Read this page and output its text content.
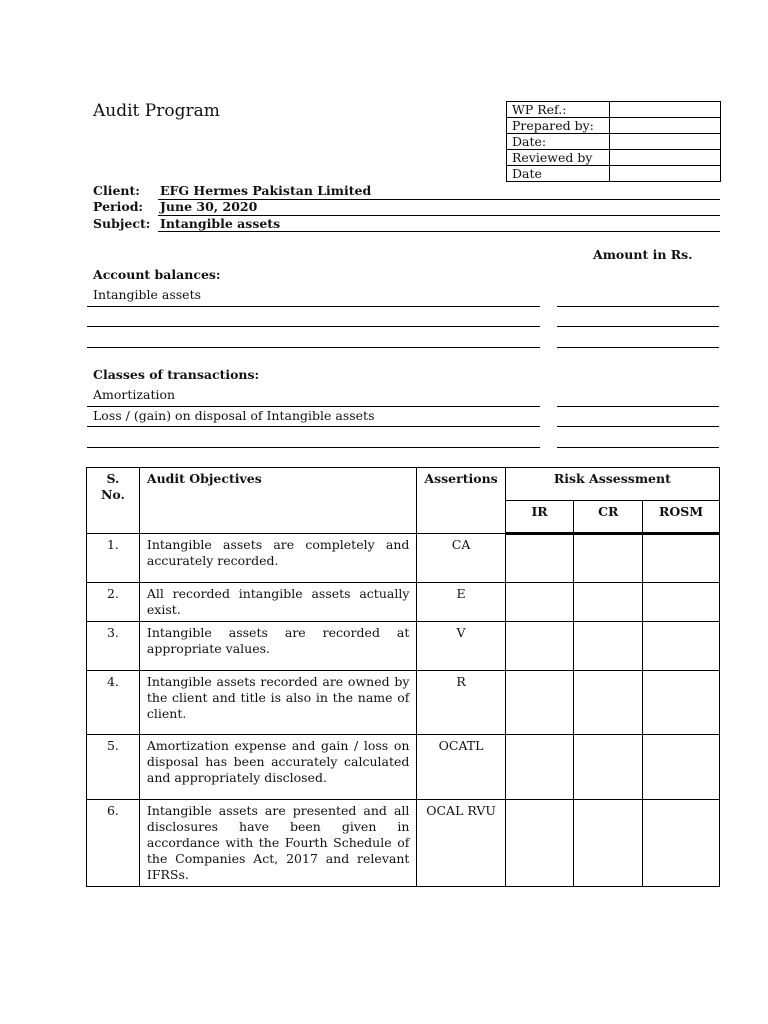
Audit Program	WP Ref.:	
Prepared by:	
Date:	
Reviewed by	
Date	
Client: EFG Hermes Pakistan Limited
Period: June 30, 2020
Subject: Intangible assets
Amount in Rs.
Account balances:
Intangible assets
Classes of transactions:
Amortization
Loss / (gain) on disposal of Intangible assets
S. No.	Audit Objectives	Assertions	Risk Assessment		
			IR	CR	ROSM
1.	Intangible assets are completely and accurately recorded.	CA			
2.	All recorded intangible assets actually exist.	E			
3.	Intangible assets are recorded at appropriate values.	V			
4.	Intangible assets recorded are owned by the client and title is also in the name of client.	R			
5.	Amortization expense and gain / loss on disposal has been accurately calculated and appropriately disclosed.	OCATL			
6.	Intangible assets are presented and all disclosures have been given in accordance with the Fourth Schedule of the Companies Act, 2017 and relevant IFRSs.	OCAL RVU			
